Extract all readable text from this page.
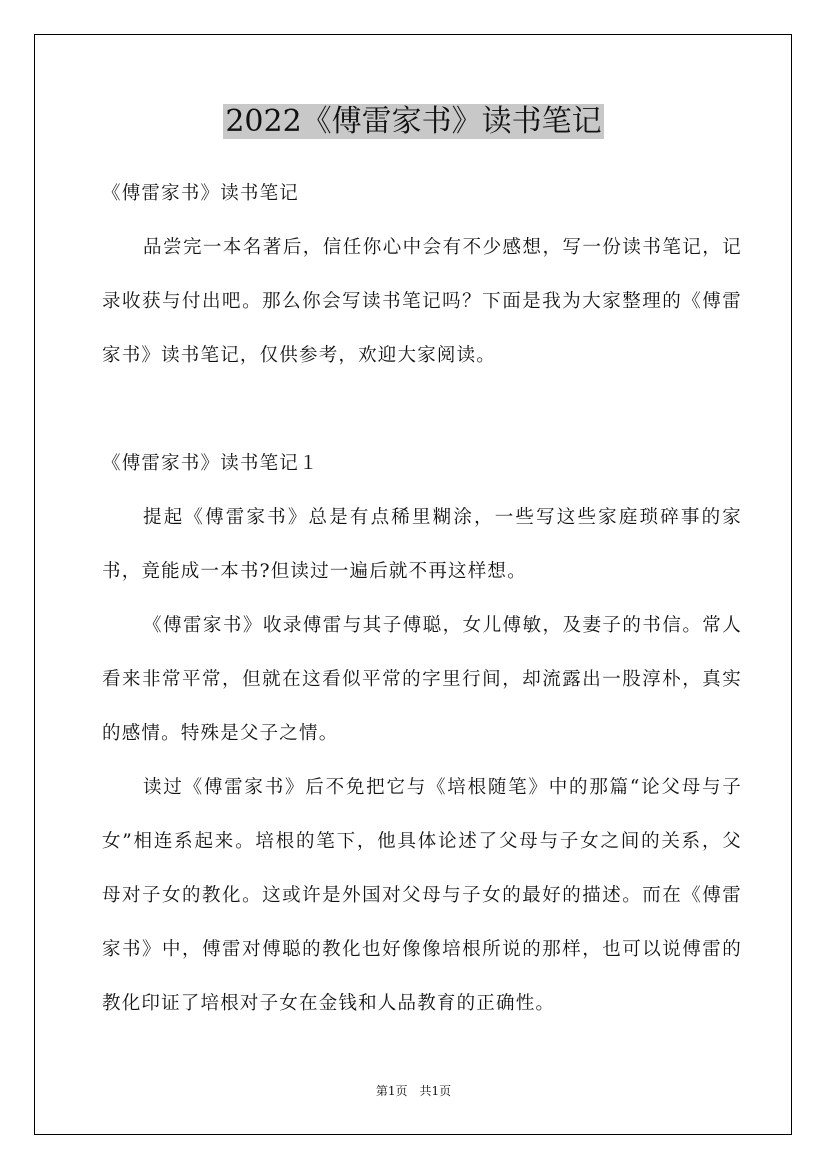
2022《傅雷家书》读书笔记

《傅雷家书》读书笔记

品尝完一本名著后，信任你心中会有不少感想，写一份读书笔记，记录收获与付出吧。那么你会写读书笔记吗？下面是我为大家整理的《傅雷家书》读书笔记，仅供参考，欢迎大家阅读。

《傅雷家书》读书笔记１

提起《傅雷家书》总是有点稀里糊涂，一些写这些家庭琐碎事的家书，竟能成一本书?但读过一遍后就不再这样想。

《傅雷家书》收录傅雷与其子傅聪，女儿傅敏，及妻子的书信。常人看来非常平常，但就在这看似平常的字里行间，却流露出一股淳朴，真实的感情。特殊是父子之情。

读过《傅雷家书》后不免把它与《培根随笔》中的那篇“论父母与子女”相连系起来。培根的笔下，他具体论述了父母与子女之间的关系，父母对子女的教化。这或许是外国对父母与子女的最好的描述。而在《傅雷家书》中，傅雷对傅聪的教化也好像像培根所说的那样，也可以说傅雷的教化印证了培根对子女在金钱和人品教育的正确性。

第1页　共1页
